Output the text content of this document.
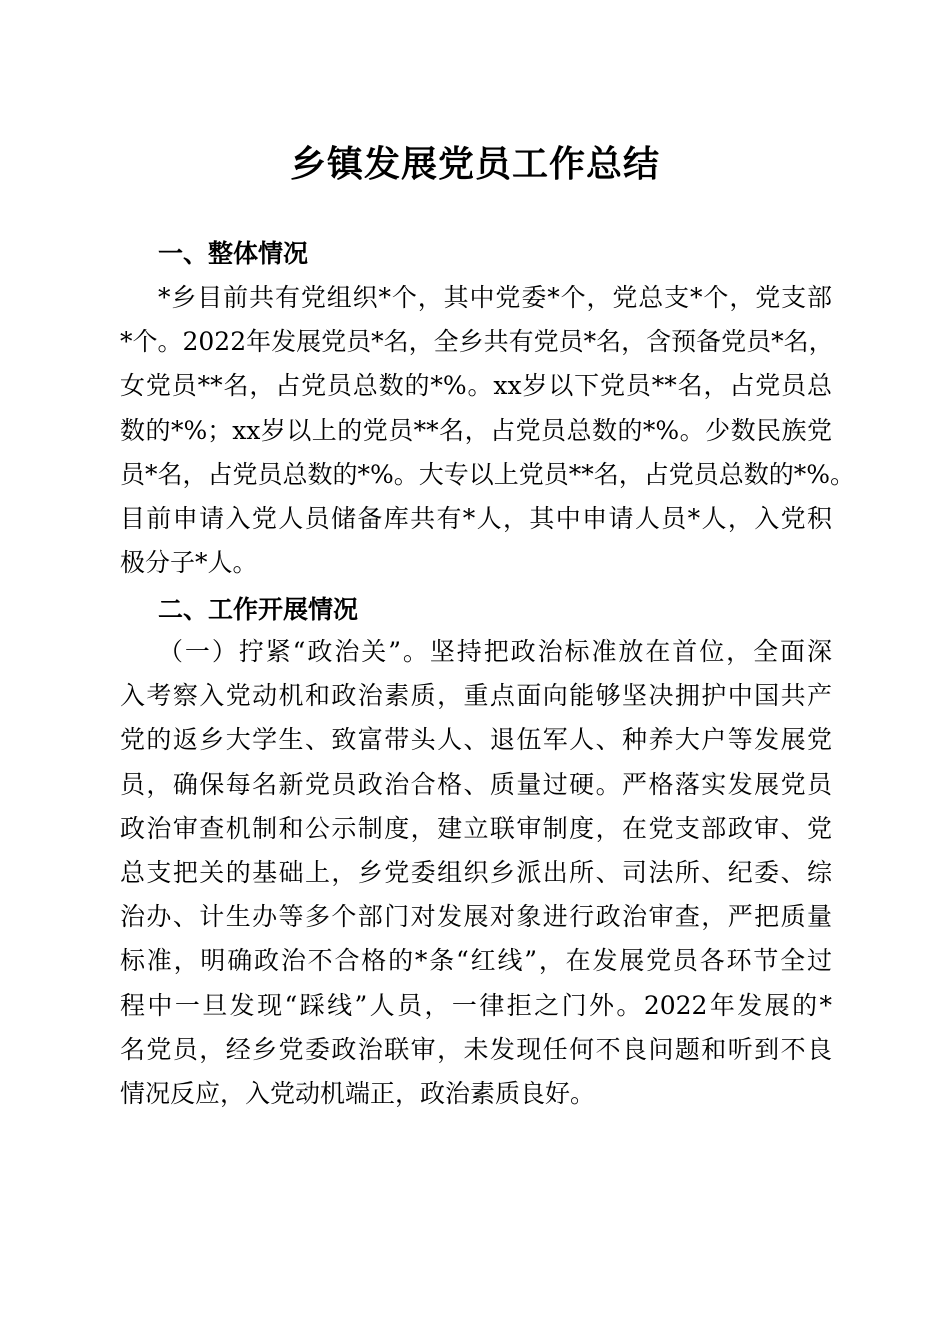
乡镇发展党员工作总结
一、整体情况
*乡目前共有党组织*个，其中党委*个，党总支*个，党支部
*个。2022年发展党员*名，全乡共有党员*名，含预备党员*名，
女党员**名，占党员总数的*%。xx岁以下党员**名，占党员总
数的*%；xx岁以上的党员**名，占党员总数的*%。少数民族党
员*名，占党员总数的*%。大专以上党员**名，占党员总数的*%。
目前申请入党人员储备库共有*人，其中申请人员*人，入党积
极分子*人。
二、工作开展情况
（一）拧紧“政治关”。坚持把政治标准放在首位，全面深
入考察入党动机和政治素质，重点面向能够坚决拥护中国共产
党的返乡大学生、致富带头人、退伍军人、种养大户等发展党
员，确保每名新党员政治合格、质量过硬。严格落实发展党员
政治审查机制和公示制度，建立联审制度，在党支部政审、党
总支把关的基础上，乡党委组织乡派出所、司法所、纪委、综
治办、计生办等多个部门对发展对象进行政治审查，严把质量
标准，明确政治不合格的*条“红线”，在发展党员各环节全过
程中一旦发现“踩线”人员，一律拒之门外。2022年发展的*
名党员，经乡党委政治联审，未发现任何不良问题和听到不良
情况反应，入党动机端正，政治素质良好。
